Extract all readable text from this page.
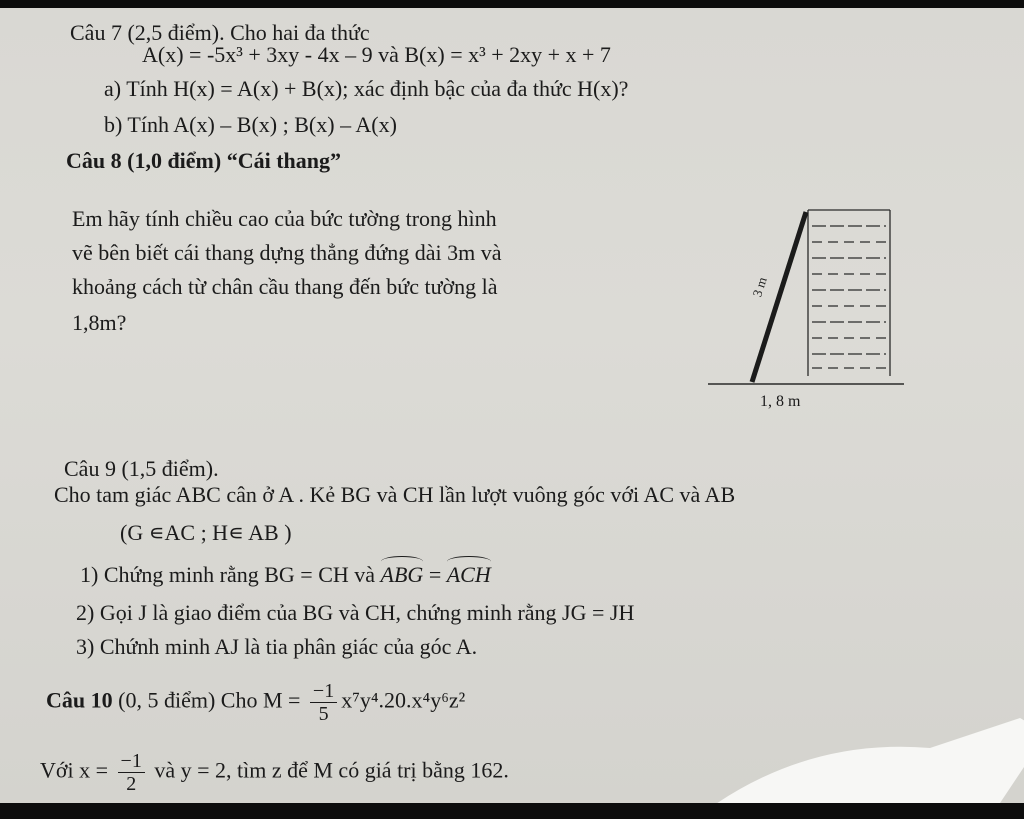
Câu 7 (2,5 điểm). Cho hai đa thức
A(x) = -5x³ + 3xy - 4x – 9 và B(x) = x³ + 2xy + x + 7
a) Tính H(x) = A(x) + B(x); xác định bậc của đa thức H(x)?
b) Tính A(x) – B(x) ; B(x) – A(x)
Câu 8 (1,0 điểm) “Cái thang”
Em hãy tính chiều cao của bức tường trong hình
vẽ bên biết cái thang dựng thẳng đứng dài 3m và
khoảng cách từ chân cầu thang đến bức tường là
1,8m?
3 m
1, 8 m
Câu 9 (1,5 điểm).
Cho tam giác ABC cân ở A . Kẻ BG và CH lần lượt vuông góc với AC và AB
(G ∊AC ; H∊ AB )
1) Chứng minh rằng BG = CH và ABG = ACH
2) Gọi J là giao điểm của BG và CH, chứng minh rằng JG = JH
3) Chứnh minh AJ là tia phân giác của góc A.
Câu 10 (0, 5 điểm) Cho $M = \frac{-1}{5} x^7y^4.20.x^4y^6z^2$
Với $x = \frac{-1}{2}$ và y = 2, tìm z để M có giá trị bằng 162.
